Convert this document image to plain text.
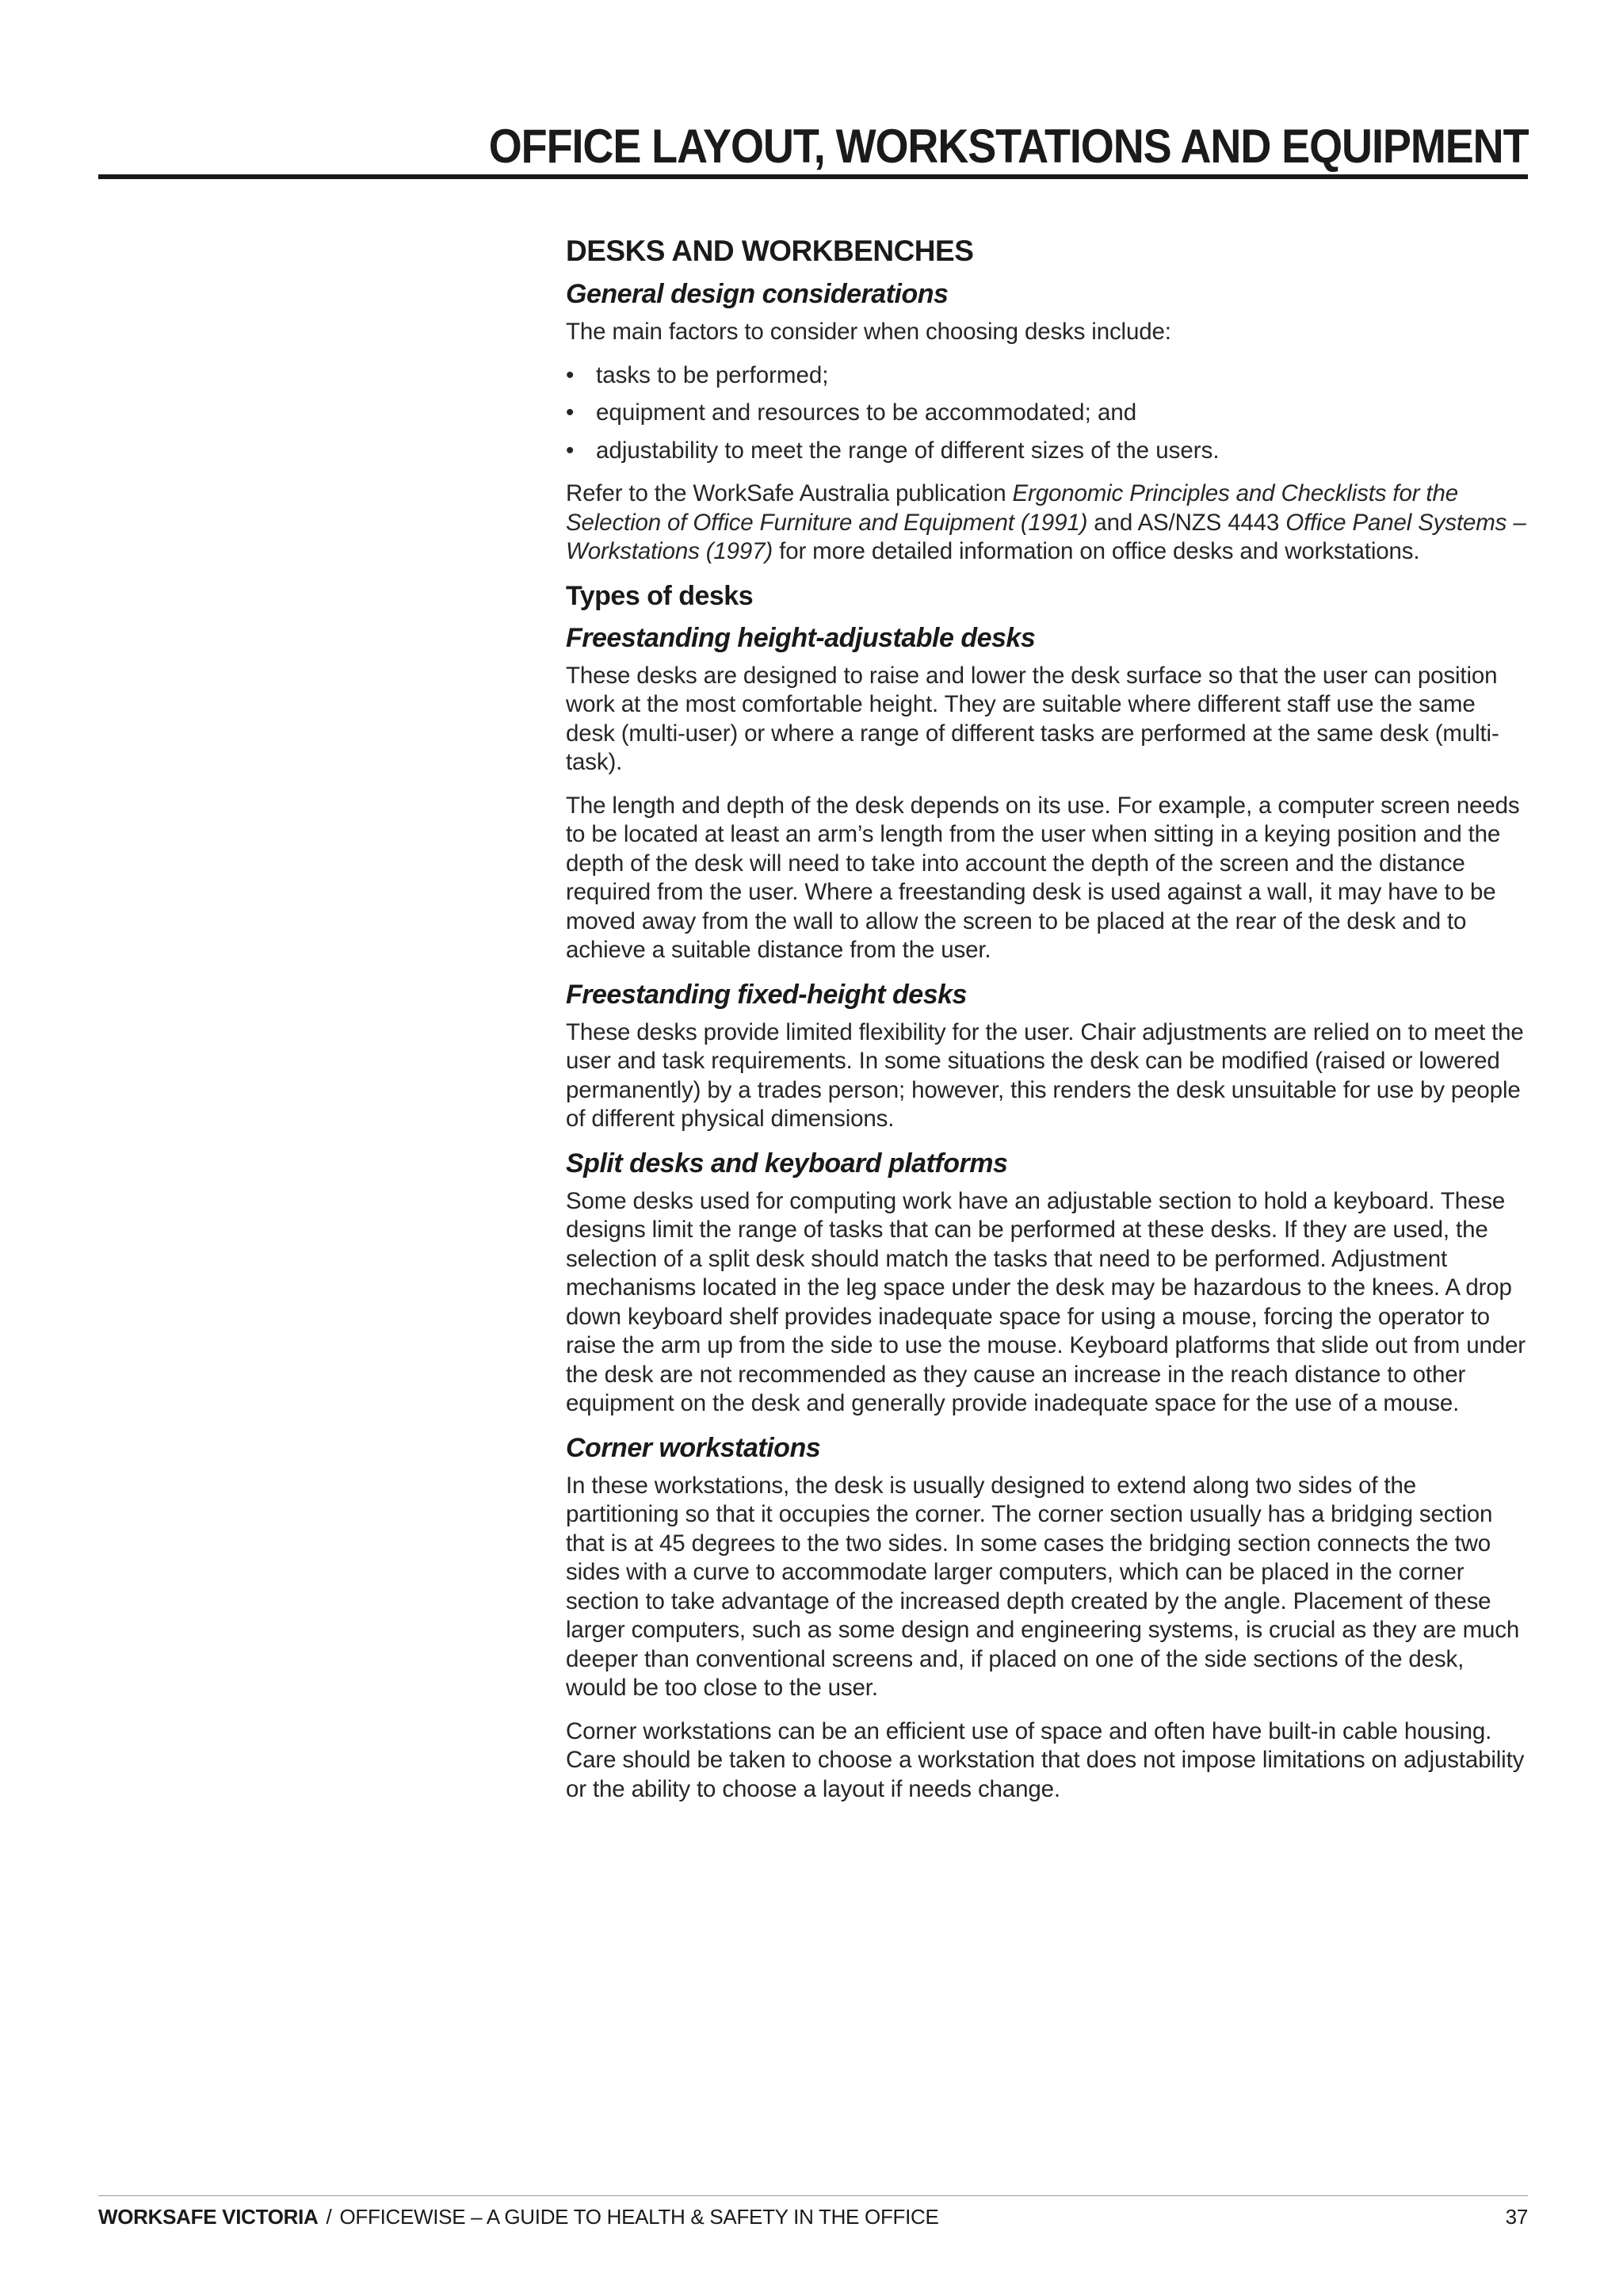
OFFICE LAYOUT, WORKSTATIONS AND EQUIPMENT
DESKS AND WORKBENCHES
General design considerations

The main factors to consider when choosing desks include:

• tasks to be performed;
• equipment and resources to be accommodated; and
• adjustability to meet the range of different sizes of the users.

Refer to the WorkSafe Australia publication Ergonomic Principles and Checklists for the Selection of Office Furniture and Equipment (1991) and AS/NZS 4443 Office Panel Systems – Workstations (1997) for more detailed information on office desks and workstations.

Types of desks
Freestanding height-adjustable desks

These desks are designed to raise and lower the desk surface so that the user can position work at the most comfortable height. They are suitable where different staff use the same desk (multi-user) or where a range of different tasks are performed at the same desk (multi-task).

The length and depth of the desk depends on its use. For example, a computer screen needs to be located at least an arm’s length from the user when sitting in a keying position and the depth of the desk will need to take into account the depth of the screen and the distance required from the user. Where a freestanding desk is used against a wall, it may have to be moved away from the wall to allow the screen to be placed at the rear of the desk and to achieve a suitable distance from the user.

Freestanding fixed-height desks

These desks provide limited flexibility for the user. Chair adjustments are relied on to meet the user and task requirements. In some situations the desk can be modified (raised or lowered permanently) by a trades person; however, this renders the desk unsuitable for use by people of different physical dimensions.

Split desks and keyboard platforms

Some desks used for computing work have an adjustable section to hold a keyboard. These designs limit the range of tasks that can be performed at these desks. If they are used, the selection of a split desk should match the tasks that need to be performed. Adjustment mechanisms located in the leg space under the desk may be hazardous to the knees. A drop down keyboard shelf provides inadequate space for using a mouse, forcing the operator to raise the arm up from the side to use the mouse. Keyboard platforms that slide out from under the desk are not recommended as they cause an increase in the reach distance to other equipment on the desk and generally provide inadequate space for the use of a mouse.

Corner workstations

In these workstations, the desk is usually designed to extend along two sides of the partitioning so that it occupies the corner. The corner section usually has a bridging section that is at 45 degrees to the two sides. In some cases the bridging section connects the two sides with a curve to accommodate larger computers, which can be placed in the corner section to take advantage of the increased depth created by the angle. Placement of these larger computers, such as some design and engineering systems, is crucial as they are much deeper than conventional screens and, if placed on one of the side sections of the desk, would be too close to the user.

Corner workstations can be an efficient use of space and often have built-in cable housing. Care should be taken to choose a workstation that does not impose limitations on adjustability or the ability to choose a layout if needs change.

WORKSAFE VICTORIA / OFFICEWISE – A GUIDE TO HEALTH & SAFETY IN THE OFFICE	37
